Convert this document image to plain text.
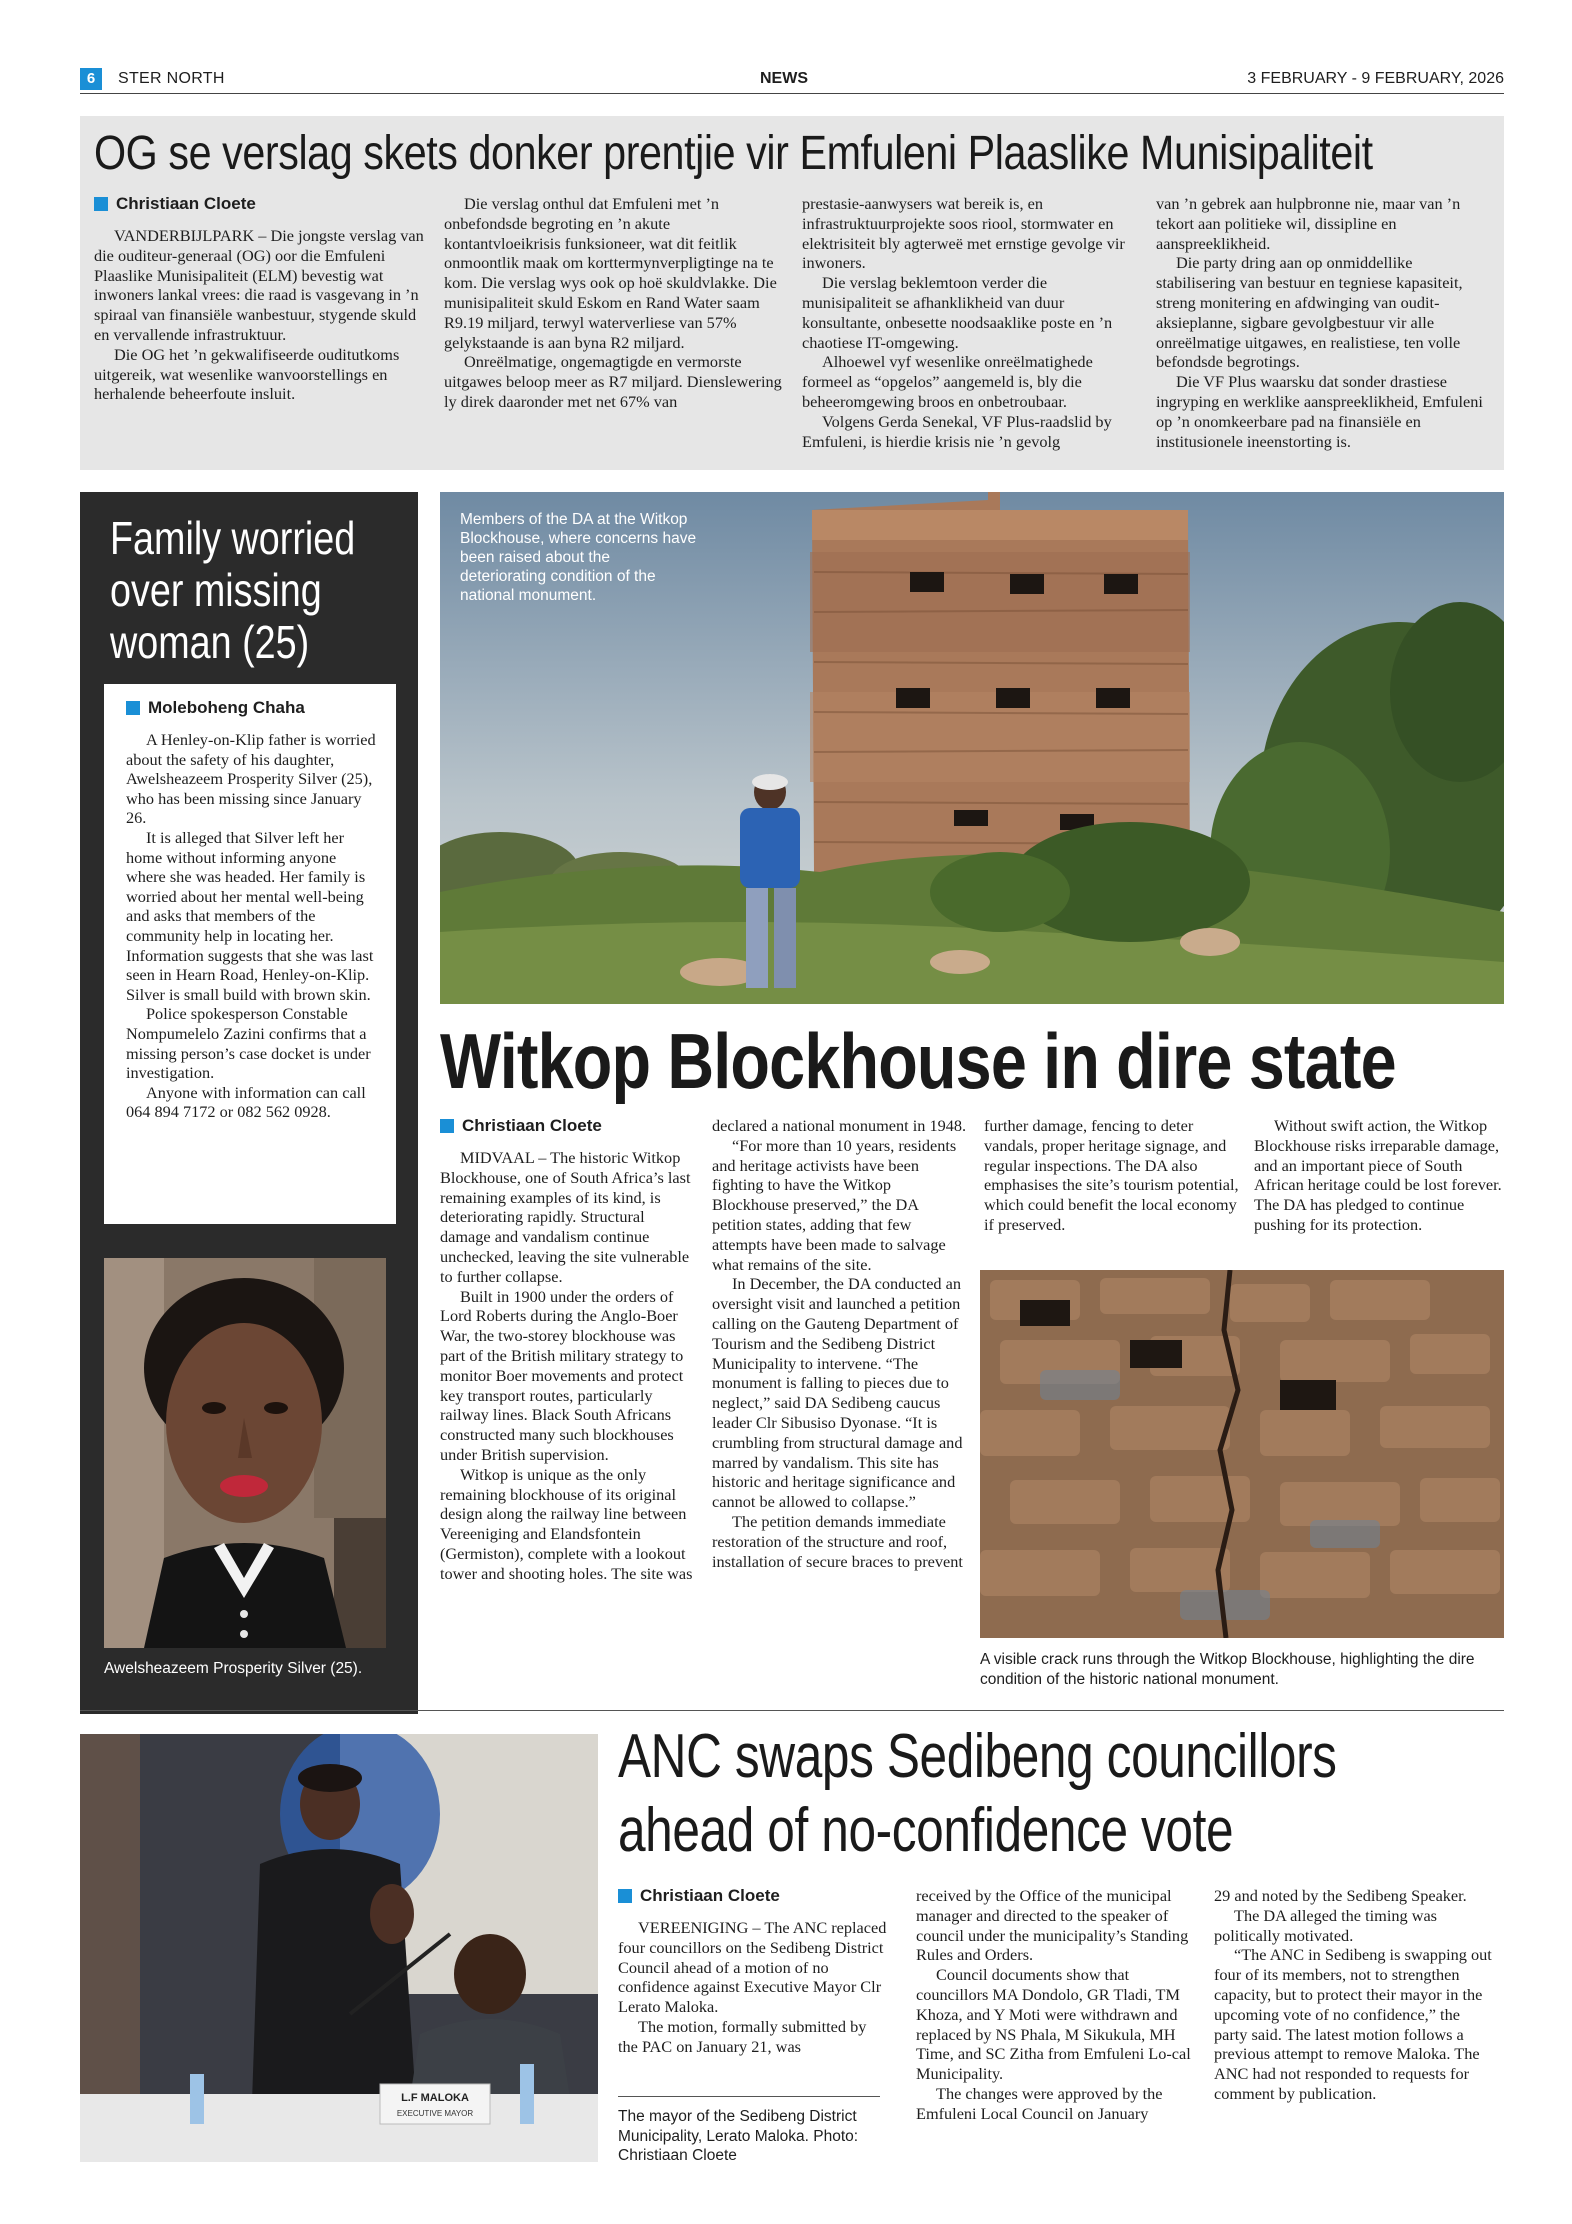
6	STER NORTH	NEWS	3 FEBRUARY - 9 FEBRUARY, 2026
OG se verslag skets donker prentjie vir Emfuleni Plaaslike Munisipaliteit
Christiaan Cloete

VANDERBIJLPARK – Die jongste verslag van die ouditeur-generaal (OG) oor die Emfuleni Plaaslike Munisipaliteit (ELM) bevestig wat inwoners lankal vrees: die raad is vasgevang in ’n spiraal van finansiële wanbestuur, stygende skuld en vervallende infrastruktuur.

Die OG het ’n gekwalifiseerde ouditutkoms uitgereik, wat wesenlike wanvoorstellings en herhalende beheerfoute insluit.

Die verslag onthul dat Emfuleni met ’n onbefondsde begroting en ’n akute kontantvloeikrisis funksioneer, wat dit feitlik onmoontlik maak om korttermynverpligtinge na te kom. Die verslag wys ook op hoë skuldvlakke. Die munisipaliteit skuld Eskom en Rand Water saam R9.19 miljard, terwyl waterverliese van 57% gelykstaande is aan byna R2 miljard.

Onreëlmatige, ongemagtigde en vermorste uitgawes beloop meer as R7 miljard. Dienslewering ly direk daaronder met net 67% van

prestasie-aanwysers wat bereik is, en infrastruktuurprojekte soos riool, stormwater en elektrisiteit bly agterweë met ernstige gevolge vir inwoners.

Die verslag beklemtoon verder die munisipaliteit se afhanklikheid van duur konsultante, onbesette noodsaaklike poste en ’n chaotiese IT-omgewing.

Alhoewel vyf wesenlike onreëlmatighede formeel as “opgelos” aangemeld is, bly die beheeromgewing broos en onbetroubaar.

Volgens Gerda Senekal, VF Plus-raadslid by Emfuleni, is hierdie krisis nie ’n gevolg

van ’n gebrek aan hulpbronne nie, maar van ’n tekort aan politieke wil, dissipline en aanspreeklikheid.

Die party dring aan op onmiddellike stabilisering van bestuur en tegniese kapasiteit, streng monitering en afdwinging van oudit-aksieplanne, sigbare gevolgbestuur vir alle onreëlmatige uitgawes, en realistiese, ten volle befondsde begrotings.

Die VF Plus waarsku dat sonder drastiese ingryping en werklike aanspreeklikheid, Emfuleni op ’n onomkeerbare pad na finansiële en institusionele ineenstorting is.

Family worried over missing woman (25)
Moleboheng Chaha

A Henley-on-Klip father is worried about the safety of his daughter, Awelsheazeem Prosperity Silver (25), who has been missing since January 26.

It is alleged that Silver left her home without informing anyone where she was headed. Her family is worried about her mental well-being and asks that members of the community help in locating her. Information suggests that she was last seen in Hearn Road, Henley-on-Klip. Silver is small build with brown skin.

Police spokesperson Constable Nompumelelo Zazini confirms that a missing person’s case docket is under investigation.

Anyone with information can call 064 894 7172 or 082 562 0928.

Awelsheazeem Prosperity Silver (25).
Members of the DA at the Witkop Blockhouse, where concerns have been raised about the deteriorating condition of the national monument.
Witkop Blockhouse in dire state
Christiaan Cloete

MIDVAAL – The historic Witkop Blockhouse, one of South Africa’s last remaining examples of its kind, is deteriorating rapidly. Structural damage and vandalism continue unchecked, leaving the site vulnerable to further collapse.

Built in 1900 under the orders of Lord Roberts during the Anglo-Boer War, the two-storey blockhouse was part of the British military strategy to monitor Boer movements and protect key transport routes, particularly railway lines. Black South Africans constructed many such blockhouses under British supervision.

Witkop is unique as the only remaining blockhouse of its original design along the railway line between Vereeniging and Elandsfontein (Germiston), complete with a lookout tower and shooting holes. The site was

declared a national monument in 1948.

“For more than 10 years, residents and heritage activists have been fighting to have the Witkop Blockhouse preserved,” the DA petition states, adding that few attempts have been made to salvage what remains of the site.

In December, the DA conducted an oversight visit and launched a petition calling on the Gauteng Department of Tourism and the Sedibeng District Municipality to intervene. “The monument is falling to pieces due to neglect,” said DA Sedibeng caucus leader Clr Sibusiso Dyonase. “It is crumbling from structural damage and marred by vandalism. This site has historic and heritage significance and cannot be allowed to collapse.”

The petition demands immediate restoration of the structure and roof, installation of secure braces to prevent

further damage, fencing to deter vandals, proper heritage signage, and regular inspections. The DA also emphasises the site’s tourism potential, which could benefit the local economy if preserved.

Without swift action, the Witkop Blockhouse risks irreparable damage, and an important piece of South African heritage could be lost forever. The DA has pledged to continue pushing for its protection.

A visible crack runs through the Witkop Blockhouse, highlighting the dire condition of the historic national monument.
L.F MALOKA
EXECUTIVE MAYOR
ANC swaps Sedibeng councillors
ahead of no-confidence vote
Christiaan Cloete

VEREENIGING – The ANC replaced four councillors on the Sedibeng District Council ahead of a motion of no confidence against Executive Mayor Clr Lerato Maloka.

The motion, formally submitted by the PAC on January 21, was

received by the Office of the municipal manager and directed to the speaker of council under the municipality’s Standing Rules and Orders.

Council documents show that councillors MA Dondolo, GR Tladi, TM Khoza, and Y Moti were withdrawn and replaced by NS Phala, M Sikukula, MH Time, and SC Zitha from Emfuleni Lo-cal Municipality.

The changes were approved by the Emfuleni Local Council on January

29 and noted by the Sedibeng Speaker.

The DA alleged the timing was politically motivated.

“The ANC in Sedibeng is swapping out four of its members, not to strengthen capacity, but to protect their mayor in the upcoming vote of no confidence,” the party said. The latest motion follows a previous attempt to remove Maloka. The ANC had not responded to requests for comment by publication.

The mayor of the Sedibeng District Municipality, Lerato Maloka. Photo: Christiaan Cloete
